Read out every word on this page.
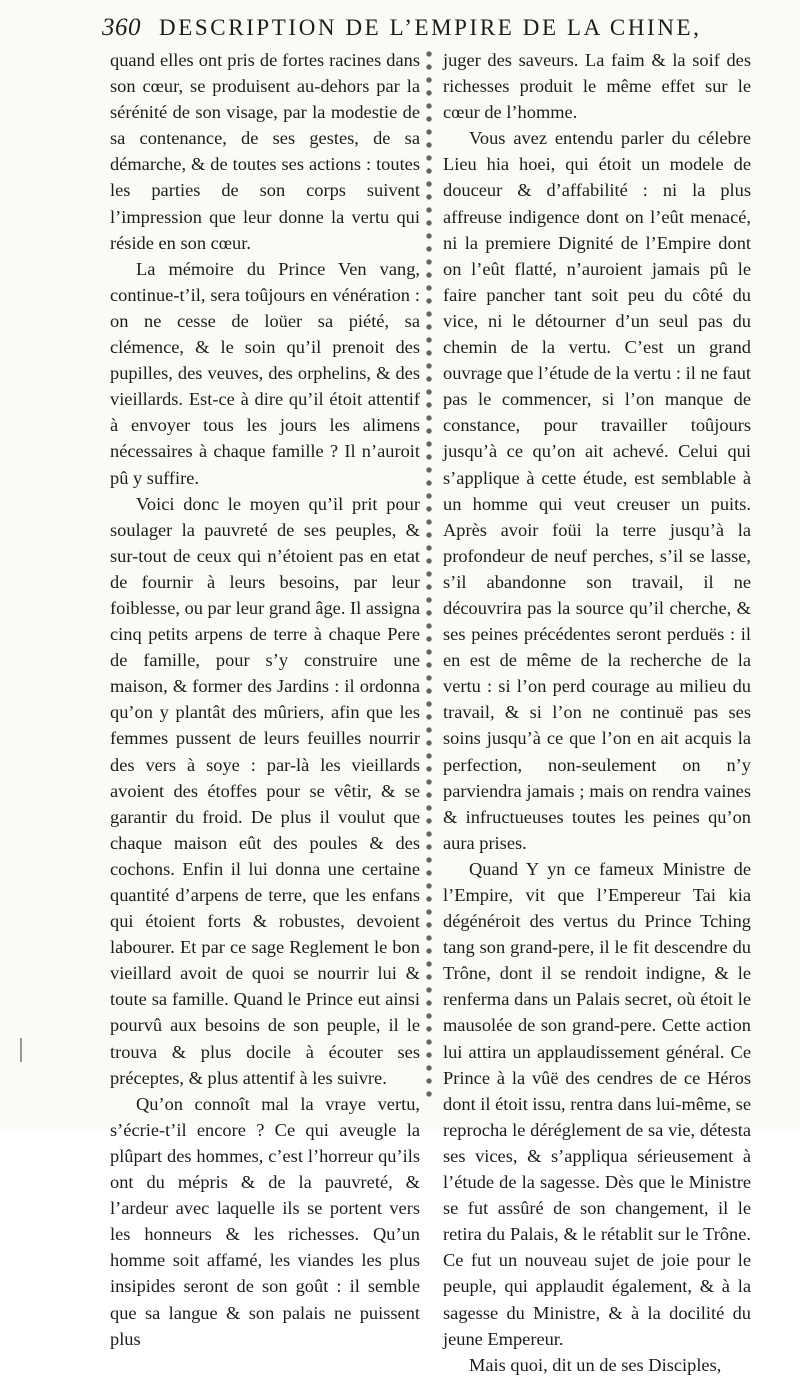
360 DESCRIPTION DE L’EMPIRE DE LA CHINE,

quand elles ont pris de fortes racines dans son cœur, se produisent au-dehors par la sérénité de son visage, par la modestie de sa contenance, de ses gestes, de sa démarche, & de toutes ses actions : toutes les parties de son corps suivent l’impression que leur donne la vertu qui réside en son cœur.

La mémoire du Prince Ven vang, continue-t’il, sera toûjours en vénération : on ne cesse de loüer sa piété, sa clémence, & le soin qu’il prenoit des pupilles, des veuves, des orphelins, & des vieillards. Est-ce à dire qu’il étoit attentif à envoyer tous les jours les alimens nécessaires à chaque famille ? Il n’auroit pû y suffire.

Voici donc le moyen qu’il prit pour soulager la pauvreté de ses peuples, & sur-tout de ceux qui n’étoient pas en etat de fournir à leurs besoins, par leur foiblesse, ou par leur grand âge. Il assigna cinq petits arpens de terre à chaque Pere de famille, pour s’y construire une maison, & former des Jardins : il ordonna qu’on y plantât des mûriers, afin que les femmes pussent de leurs feuilles nourrir des vers à soye : par-là les vieillards avoient des étoffes pour se vêtir, & se garantir du froid. De plus il voulut que chaque maison eût des poules & des cochons. Enfin il lui donna une certaine quantité d’arpens de terre, que les enfans qui étoient forts & robustes, devoient labourer. Et par ce sage Reglement le bon vieillard avoit de quoi se nourrir lui & toute sa famille. Quand le Prince eut ainsi pourvû aux besoins de son peuple, il le trouva & plus docile à écouter ses préceptes, & plus attentif à les suivre.

Qu’on connoît mal la vraye vertu, s’écrie-t’il encore ? Ce qui aveugle la plûpart des hommes, c’est l’horreur qu’ils ont du mépris & de la pauvreté, & l’ardeur avec laquelle ils se portent vers les honneurs & les richesses. Qu’un homme soit affamé, les viandes les plus insipides seront de son goût : il semble que sa langue & son palais ne puissent plus

juger des saveurs. La faim & la soif des richesses produit le même effet sur le cœur de l’homme.

Vous avez entendu parler du célebre Lieu hia hoei, qui étoit un modele de douceur & d’affabilité : ni la plus affreuse indigence dont on l’eût menacé, ni la premiere Dignité de l’Empire dont on l’eût flatté, n’auroient jamais pû le faire pancher tant soit peu du côté du vice, ni le détourner d’un seul pas du chemin de la vertu. C’est un grand ouvrage que l’étude de la vertu : il ne faut pas le commencer, si l’on manque de constance, pour travailler toûjours jusqu’à ce qu’on ait achevé. Celui qui s’applique à cette étude, est semblable à un homme qui veut creuser un puits. Après avoir foüi la terre jusqu’à la profondeur de neuf perches, s’il se lasse, s’il abandonne son travail, il ne découvrira pas la source qu’il cherche, & ses peines précédentes seront perduës : il en est de même de la recherche de la vertu : si l’on perd courage au milieu du travail, & si l’on ne continuë pas ses soins jusqu’à ce que l’on en ait acquis la perfection, non-seulement on n’y parviendra jamais ; mais on rendra vaines & infructueuses toutes les peines qu’on aura prises.

Quand Y yn ce fameux Ministre de l’Empire, vit que l’Empereur Tai kia dégénéroit des vertus du Prince Tching tang son grand-pere, il le fit descendre du Trône, dont il se rendoit indigne, & le renferma dans un Palais secret, où étoit le mausolée de son grand-pere. Cette action lui attira un applaudissement général. Ce Prince à la vûë des cendres de ce Héros dont il étoit issu, rentra dans lui-même, se reprocha le déréglement de sa vie, détesta ses vices, & s’appliqua sérieusement à l’étude de la sagesse. Dès que le Ministre se fut assûré de son changement, il le retira du Palais, & le rétablit sur le Trône. Ce fut un nouveau sujet de joie pour le peuple, qui applaudit également, & à la sagesse du Ministre, & à la docilité du jeune Empereur.

Mais quoi, dit un de ses Disciples,
